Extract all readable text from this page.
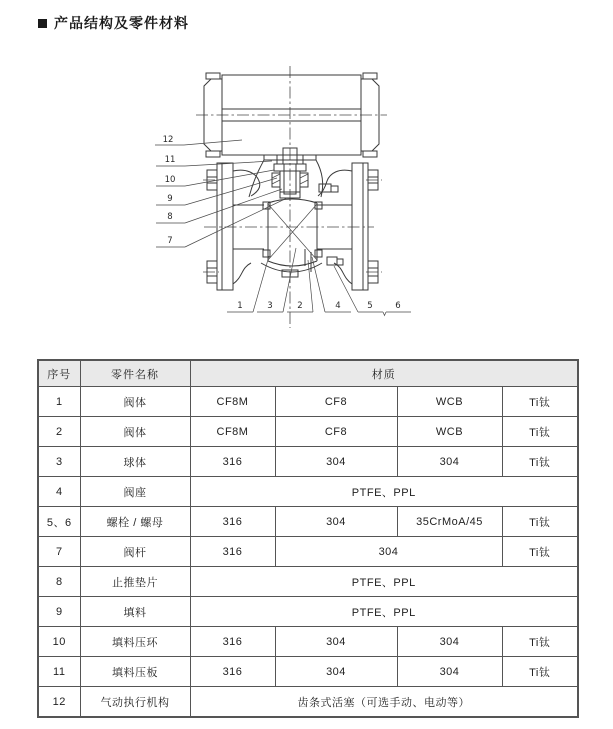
产品结构及零件材料
12
11
10
9
8
7
1	3	2	4	5	6
序号	零件名称	材质			
1	阀体	CF8M	CF8	WCB	Ti钛
2	阀体	CF8M	CF8	WCB	Ti钛
3	球体	316	304	304	Ti钛
4	阀座	PTFE、PPL			
5、6	螺栓 / 螺母	316	304	35CrMoA/45	Ti钛
7	阀杆	316	304		Ti钛
8	止推垫片	PTFE、PPL			
9	填料	PTFE、PPL			
10	填料压环	316	304	304	Ti钛
11	填料压板	316	304	304	Ti钛
12	气动执行机构	齿条式活塞（可选手动、电动等）			
